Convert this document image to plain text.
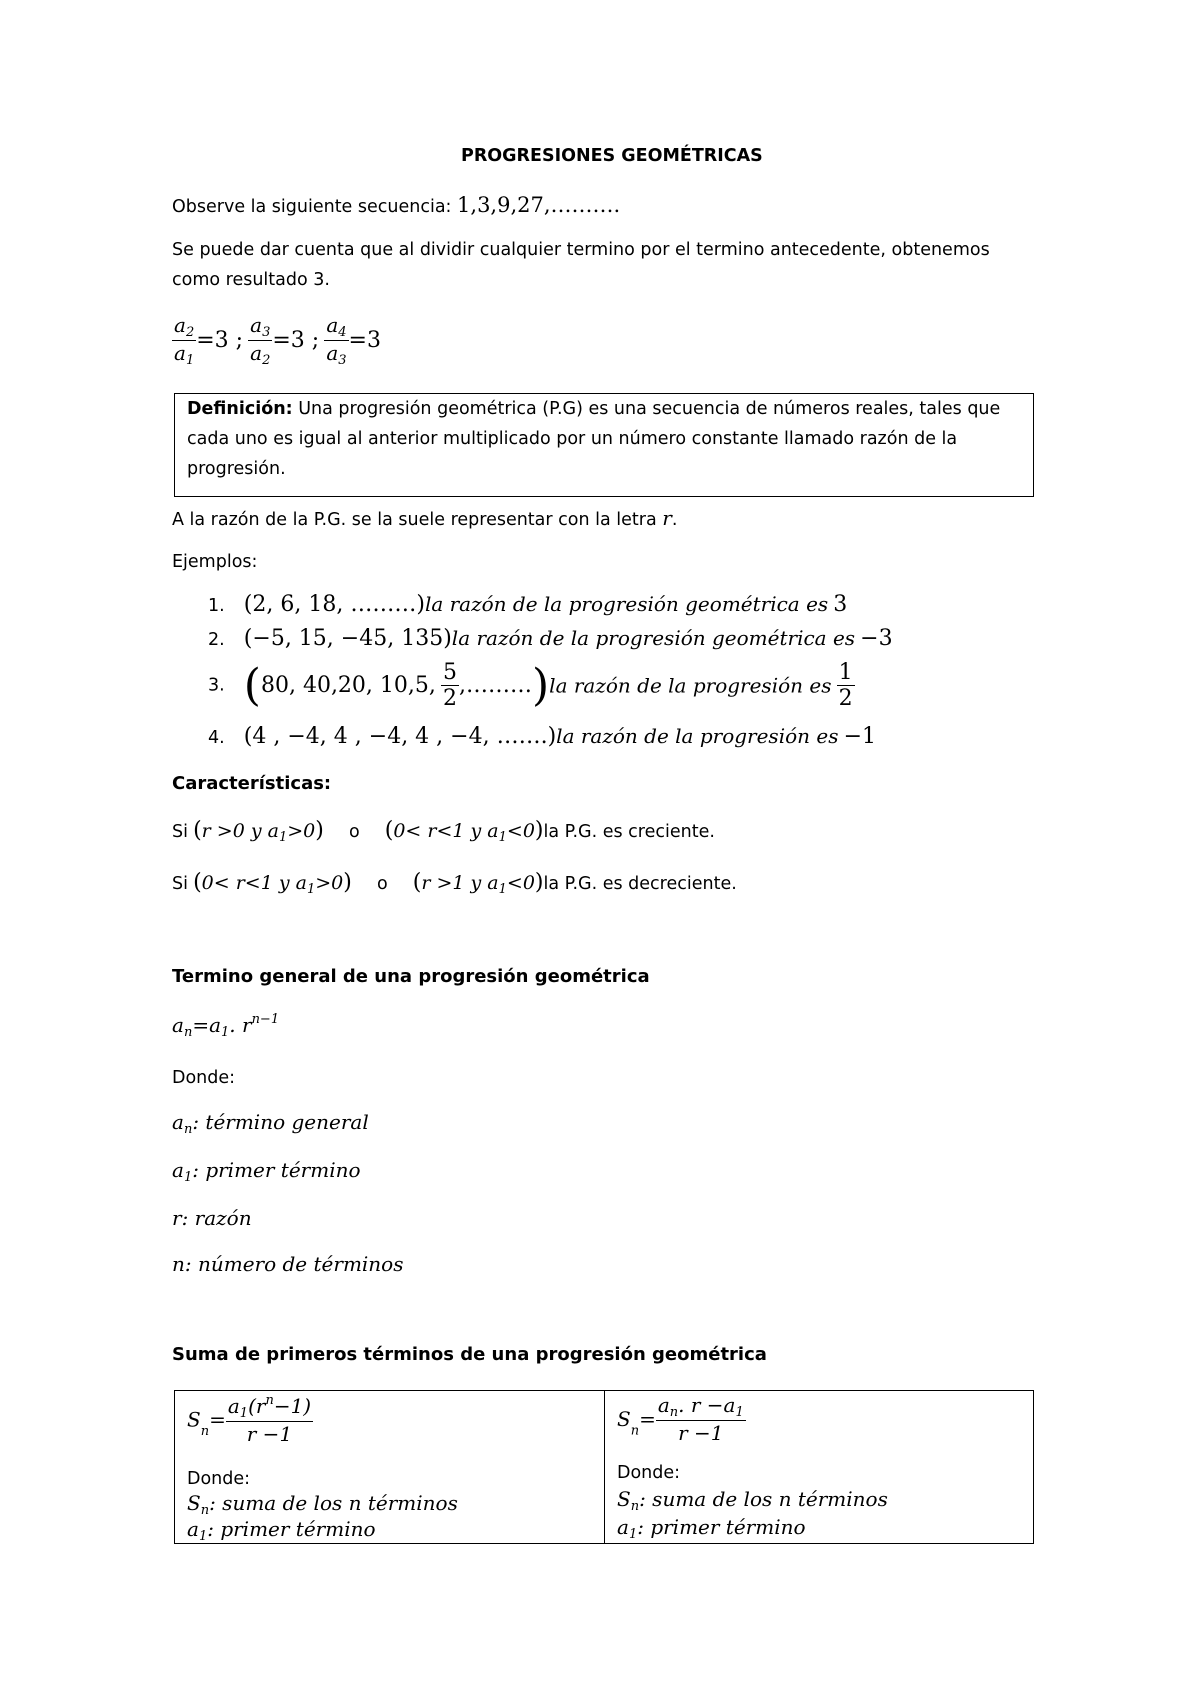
PROGRESIONES GEOMÉTRICAS
Observe la siguiente secuencia: 1,3,9,27,……….
Se puede dar cuenta que al dividir cualquier termino por el termino antecedente, obtenemos
como resultado 3.
$\frac{a_2}{a_1} =3$ ; $\frac{a_3}{a_2} =3$ ; $\frac{a_4}{a_3} =3$
Definición: Una progresión geométrica (P.G) es una secuencia de números reales, tales que
cada uno es igual al anterior multiplicado por un número constante llamado razón de la
progresión.
A la razón de la P.G. se la suele representar con la letra r.
Ejemplos:
1. (2, 6, 18, ………)la razón de la progresión geométrica es 3
2. (−5, 15, −45, 135)la razón de la progresión geométrica es −3
3. (80, 40,20, 10,5, $\frac{5}{2}$ ,………)la razón de la progresión es $\frac{1}{2}$
4. (4 , −4, 4 , −4, 4 , −4, …….)la razón de la progresión es −1
Características:
Si (r >0 y $a_1>0$) o (0< r<1 y $a_1<0)la$ P.G. es creciente.
Si (0< r<1 y $a_1>0$) o (r >1 y $a_1<0)la$ P.G. es decreciente.
Termino general de una progresión geométrica
$a_n=a_1$. $r^{n-1}$
Donde:
$a_n$: término general
$a_1$: primer término
r: razón
n: número de términos
Suma de primeros términos de una progresión geométrica
$S_n= \frac{a_1(r^n-1)}{r -1}$
Donde:
$S_n$: suma de los n términos
$a_1$: primer término
$S_n= \frac{a_n. r -a_1}{r -1}$
Donde:
$S_n$: suma de los n términos
$a_1$: primer término
